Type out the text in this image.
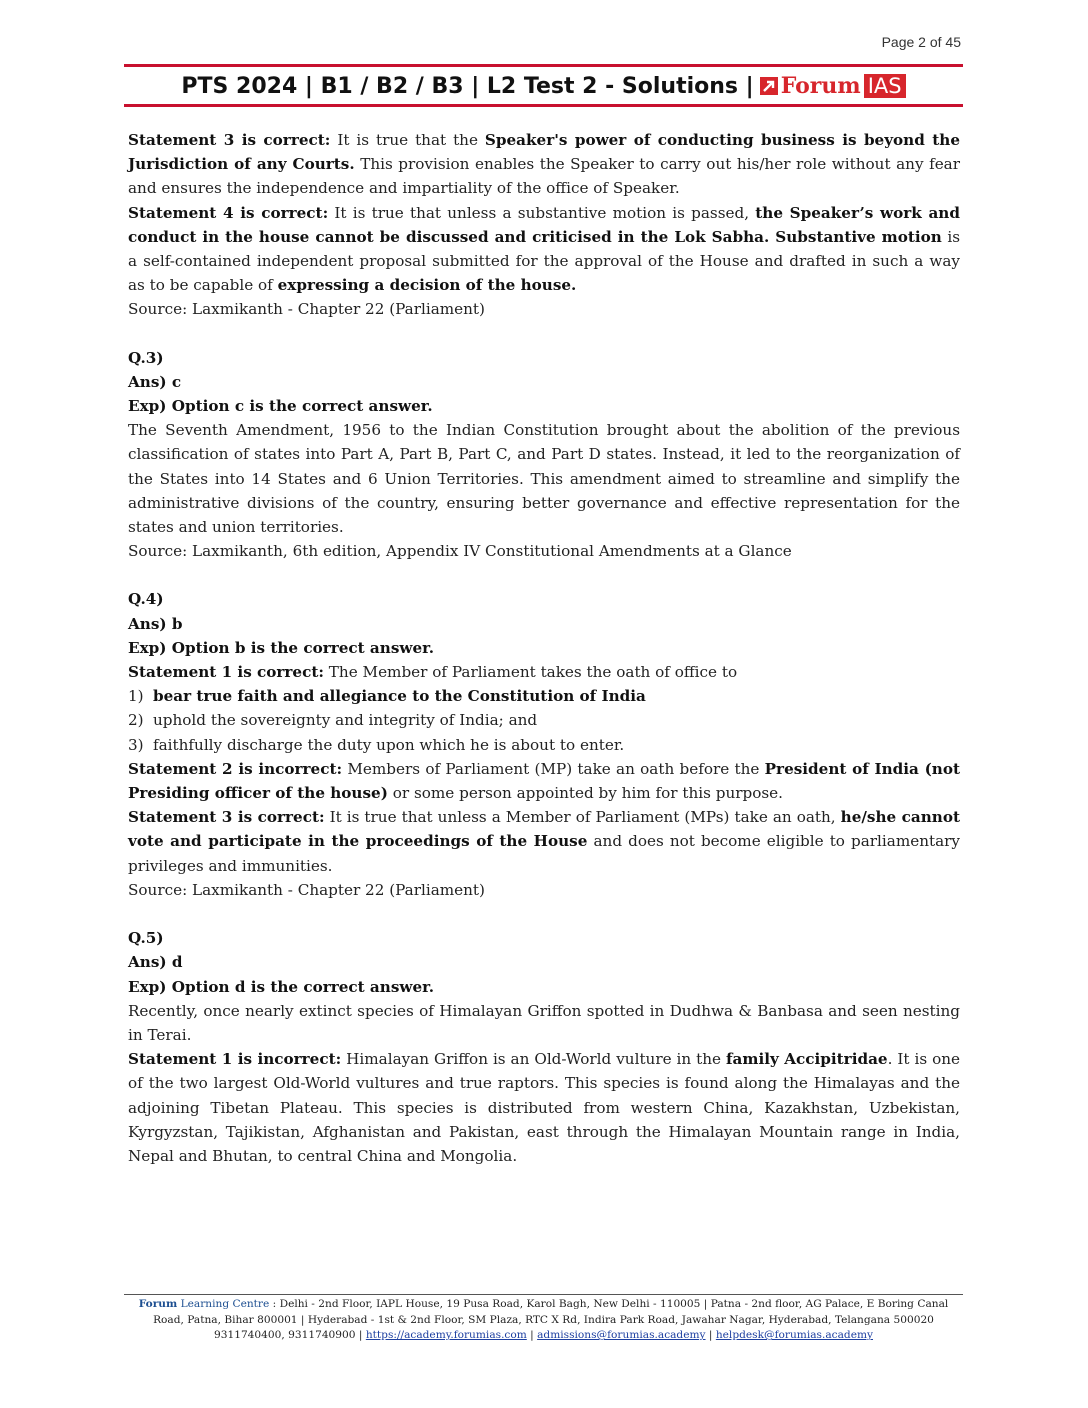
Page 2 of 45
PTS 2024 | B1 / B2 / B3 | L2 Test 2 - Solutions | Forum IAS

Statement 3 is correct: It is true that the Speaker's power of conducting business is beyond the Jurisdiction of any Courts. This provision enables the Speaker to carry out his/her role without any fear and ensures the independence and impartiality of the office of Speaker.

Statement 4 is correct: It is true that unless a substantive motion is passed, the Speaker’s work and conduct in the house cannot be discussed and criticised in the Lok Sabha. Substantive motion is a self-contained independent proposal submitted for the approval of the House and drafted in such a way as to be capable of expressing a decision of the house.

Source: Laxmikanth - Chapter 22 (Parliament)

Q.3)

Ans) c

Exp) Option c is the correct answer.

The Seventh Amendment, 1956 to the Indian Constitution brought about the abolition of the previous classification of states into Part A, Part B, Part C, and Part D states. Instead, it led to the reorganization of the States into 14 States and 6 Union Territories. This amendment aimed to streamline and simplify the administrative divisions of the country, ensuring better governance and effective representation for the states and union territories.

Source: Laxmikanth, 6th edition, Appendix IV Constitutional Amendments at a Glance

Q.4)

Ans) b

Exp) Option b is the correct answer.

Statement 1 is correct: The Member of Parliament takes the oath of office to

1) bear true faith and allegiance to the Constitution of India
2) uphold the sovereignty and integrity of India; and
3) faithfully discharge the duty upon which he is about to enter.

Statement 2 is incorrect: Members of Parliament (MP) take an oath before the President of India (not Presiding officer of the house) or some person appointed by him for this purpose.

Statement 3 is correct: It is true that unless a Member of Parliament (MPs) take an oath, he/she cannot vote and participate in the proceedings of the House and does not become eligible to parliamentary privileges and immunities.

Source: Laxmikanth - Chapter 22 (Parliament)

Q.5)

Ans) d

Exp) Option d is the correct answer.

Recently, once nearly extinct species of Himalayan Griffon spotted in Dudhwa & Banbasa and seen nesting in Terai.

Statement 1 is incorrect: Himalayan Griffon is an Old-World vulture in the family Accipitridae. It is one of the two largest Old-World vultures and true raptors. This species is found along the Himalayas and the adjoining Tibetan Plateau. This species is distributed from western China, Kazakhstan, Uzbekistan, Kyrgyzstan, Tajikistan, Afghanistan and Pakistan, east through the Himalayan Mountain range in India, Nepal and Bhutan, to central China and Mongolia.

Forum Learning Centre : Delhi - 2nd Floor, IAPL House, 19 Pusa Road, Karol Bagh, New Delhi - 110005 | Patna - 2nd floor, AG Palace, E Boring Canal
Road, Patna, Bihar 800001 | Hyderabad - 1st & 2nd Floor, SM Plaza, RTC X Rd, Indira Park Road, Jawahar Nagar, Hyderabad, Telangana 500020
9311740400, 9311740900 | https://academy.forumias.com | admissions@forumias.academy | helpdesk@forumias.academy
